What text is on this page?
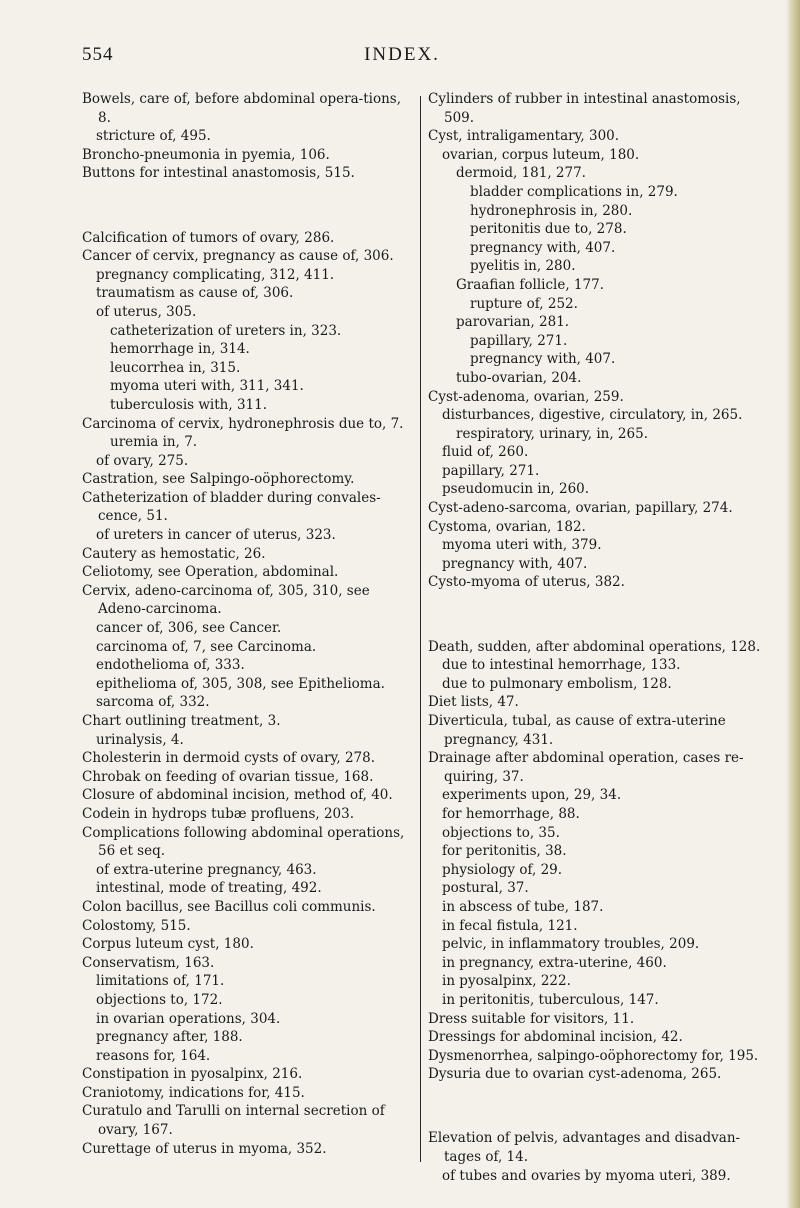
554	INDEX.

Bowels, care of, before abdominal opera-tions, 8.

stricture of, 495.

Broncho-pneumonia in pyemia, 106.

Buttons for intestinal anastomosis, 515.

Calcification of tumors of ovary, 286.

Cancer of cervix, pregnancy as cause of, 306.

pregnancy complicating, 312, 411.

traumatism as cause of, 306.

of uterus, 305.

catheterization of ureters in, 323.

hemorrhage in, 314.

leucorrhea in, 315.

myoma uteri with, 311, 341.

tuberculosis with, 311.

Carcinoma of cervix, hydronephrosis due to, 7.

uremia in, 7.

of ovary, 275.

Castration, see Salpingo-oöphorectomy.

Catheterization of bladder during convales-cence, 51.

of ureters in cancer of uterus, 323.

Cautery as hemostatic, 26.

Celiotomy, see Operation, abdominal.

Cervix, adeno-carcinoma of, 305, 310, see Adeno-carcinoma.

cancer of, 306, see Cancer.

carcinoma of, 7, see Carcinoma.

endothelioma of, 333.

epithelioma of, 305, 308, see Epithelioma.

sarcoma of, 332.

Chart outlining treatment, 3.

urinalysis, 4.

Cholesterin in dermoid cysts of ovary, 278.

Chrobak on feeding of ovarian tissue, 168.

Closure of abdominal incision, method of, 40.

Codein in hydrops tubæ profluens, 203.

Complications following abdominal operations, 56 et seq.

of extra-uterine pregnancy, 463.

intestinal, mode of treating, 492.

Colon bacillus, see Bacillus coli communis.

Colostomy, 515.

Corpus luteum cyst, 180.

Conservatism, 163.

limitations of, 171.

objections to, 172.

in ovarian operations, 304.

pregnancy after, 188.

reasons for, 164.

Constipation in pyosalpinx, 216.

Craniotomy, indications for, 415.

Curatulo and Tarulli on internal secretion of ovary, 167.

Curettage of uterus in myoma, 352.

Cylinders of rubber in intestinal anastomosis, 509.

Cyst, intraligamentary, 300.

ovarian, corpus luteum, 180.

dermoid, 181, 277.

bladder complications in, 279.

hydronephrosis in, 280.

peritonitis due to, 278.

pregnancy with, 407.

pyelitis in, 280.

Graafian follicle, 177.

rupture of, 252.

parovarian, 281.

papillary, 271.

pregnancy with, 407.

tubo-ovarian, 204.

Cyst-adenoma, ovarian, 259.

disturbances, digestive, circulatory, in, 265.

respiratory, urinary, in, 265.

fluid of, 260.

papillary, 271.

pseudomucin in, 260.

Cyst-adeno-sarcoma, ovarian, papillary, 274.

Cystoma, ovarian, 182.

myoma uteri with, 379.

pregnancy with, 407.

Cysto-myoma of uterus, 382.

Death, sudden, after abdominal operations, 128.

due to intestinal hemorrhage, 133.

due to pulmonary embolism, 128.

Diet lists, 47.

Diverticula, tubal, as cause of extra-uterine pregnancy, 431.

Drainage after abdominal operation, cases re-quiring, 37.

experiments upon, 29, 34.

for hemorrhage, 88.

objections to, 35.

for peritonitis, 38.

physiology of, 29.

postural, 37.

in abscess of tube, 187.

in fecal fistula, 121.

pelvic, in inflammatory troubles, 209.

in pregnancy, extra-uterine, 460.

in pyosalpinx, 222.

in peritonitis, tuberculous, 147.

Dress suitable for visitors, 11.

Dressings for abdominal incision, 42.

Dysmenorrhea, salpingo-oöphorectomy for, 195.

Dysuria due to ovarian cyst-adenoma, 265.

Elevation of pelvis, advantages and disadvan-tages of, 14.

of tubes and ovaries by myoma uteri, 389.
